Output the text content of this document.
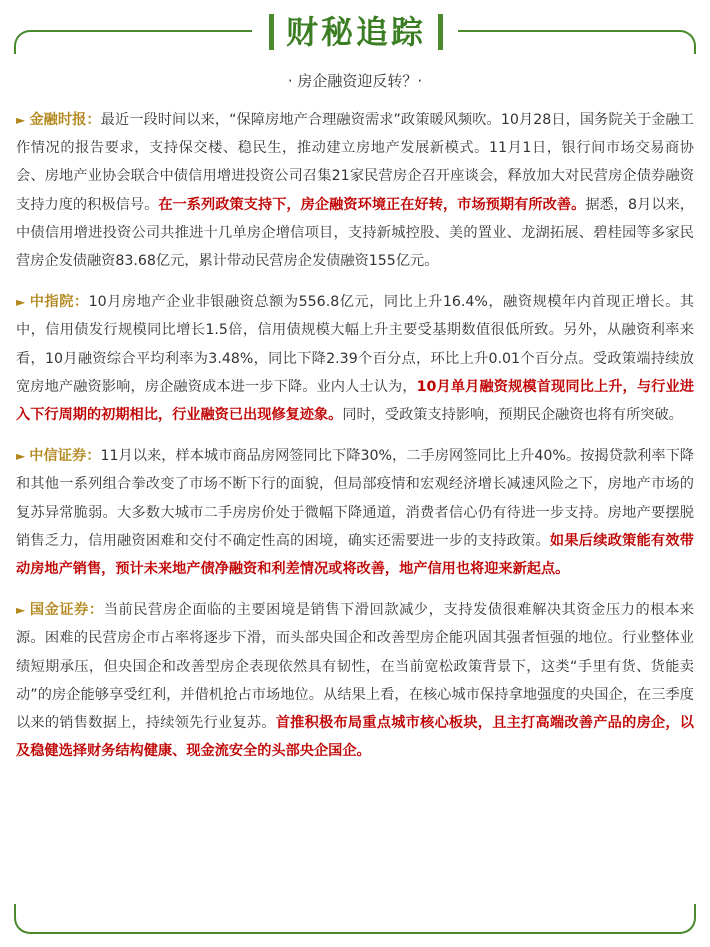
财秘追踪
· 房企融资迎反转？·

► 金融时报：最近一段时间以来，“保障房地产合理融资需求”政策暖风频吹。10月28日，国务院关于金融工作情况的报告要求，支持保交楼、稳民生，推动建立房地产发展新模式。11月1日，银行间市场交易商协会、房地产业协会联合中债信用增进投资公司召集21家民营房企召开座谈会，释放加大对民营房企债券融资支持力度的积极信号。在一系列政策支持下，房企融资环境正在好转，市场预期有所改善。据悉，8月以来，中债信用增进投资公司共推进十几单房企增信项目，支持新城控股、美的置业、龙湖拓展、碧桂园等多家民营房企发债融资83.68亿元，累计带动民营房企发债融资155亿元。

► 中指院：10月房地产企业非银融资总额为556.8亿元，同比上升16.4%，融资规模年内首现正增长。其中，信用债发行规模同比增长1.5倍，信用债规模大幅上升主要受基期数值很低所致。另外，从融资利率来看，10月融资综合平均利率为3.48%，同比下降2.39个百分点，环比上升0.01个百分点。受政策端持续放宽房地产融资影响，房企融资成本进一步下降。业内人士认为，10月单月融资规模首现同比上升，与行业进入下行周期的初期相比，行业融资已出现修复迹象。同时，受政策支持影响，预期民企融资也将有所突破。

► 中信证券：11月以来，样本城市商品房网签同比下降30%，二手房网签同比上升40%。按揭贷款利率下降和其他一系列组合拳改变了市场不断下行的面貌，但局部疫情和宏观经济增长减速风险之下，房地产市场的复苏异常脆弱。大多数大城市二手房房价处于微幅下降通道，消费者信心仍有待进一步支持。房地产要摆脱销售乏力，信用融资困难和交付不确定性高的困境，确实还需要进一步的支持政策。如果后续政策能有效带动房地产销售，预计未来地产债净融资和利差情况或将改善，地产信用也将迎来新起点。

► 国金证券：当前民营房企面临的主要困境是销售下滑回款减少，支持发债很难解决其资金压力的根本来源。困难的民营房企市占率将逐步下滑，而头部央国企和改善型房企能巩固其强者恒强的地位。行业整体业绩短期承压，但央国企和改善型房企表现依然具有韧性，在当前宽松政策背景下，这类“手里有货、货能卖动”的房企能够享受红利，并借机抢占市场地位。从结果上看，在核心城市保持拿地强度的央国企，在三季度以来的销售数据上，持续领先行业复苏。首推积极布局重点城市核心板块，且主打高端改善产品的房企，以及稳健选择财务结构健康、现金流安全的头部央企国企。
